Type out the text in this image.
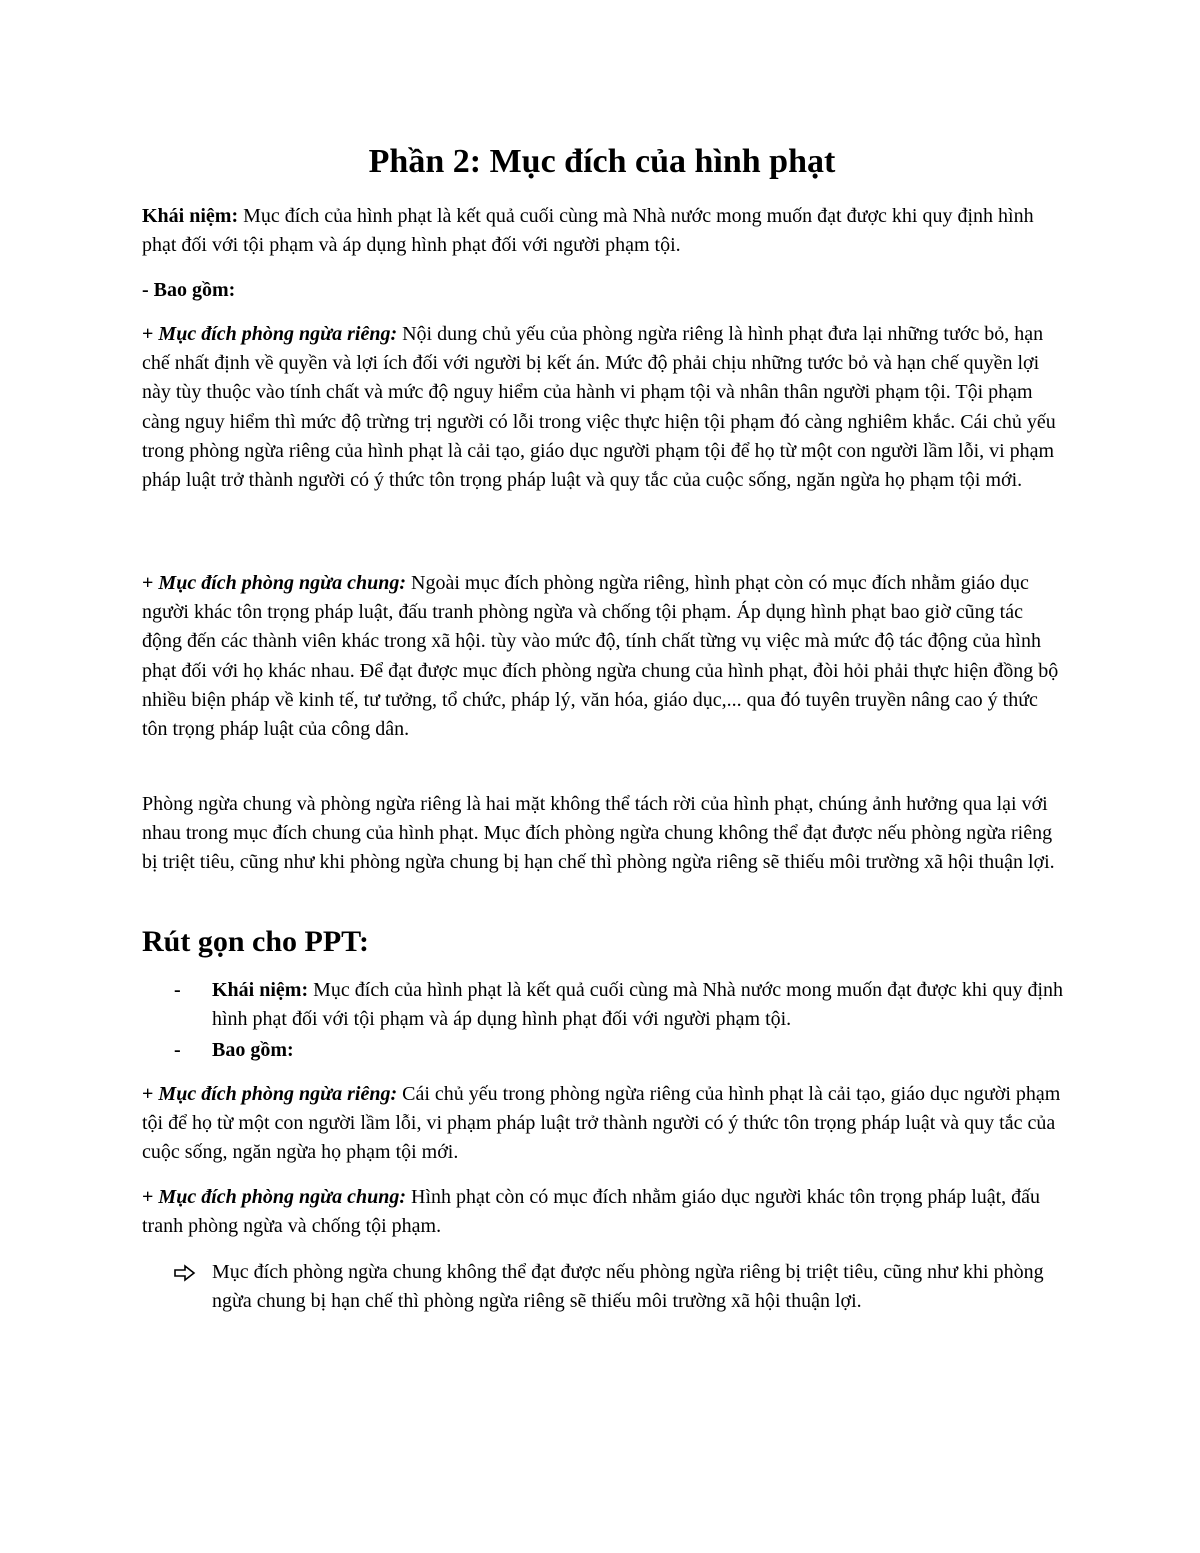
Phần 2: Mục đích của hình phạt

Khái niệm: Mục đích của hình phạt là kết quả cuối cùng mà Nhà nước mong muốn đạt được khi quy định hình phạt đối với tội phạm và áp dụng hình phạt đối với người phạm tội.

- Bao gồm:

+ Mục đích phòng ngừa riêng: Nội dung chủ yếu của phòng ngừa riêng là hình phạt đưa lại những tước bỏ, hạn chế nhất định về quyền và lợi ích đối với người bị kết án. Mức độ phải chịu những tước bỏ và hạn chế quyền lợi này tùy thuộc vào tính chất và mức độ nguy hiểm của hành vi phạm tội và nhân thân người phạm tội. Tội phạm càng nguy hiểm thì mức độ trừng trị người có lỗi trong việc thực hiện tội phạm đó càng nghiêm khắc. Cái chủ yếu trong phòng ngừa riêng của hình phạt là cải tạo, giáo dục người phạm tội để họ từ một con người lầm lỗi, vi phạm pháp luật trở thành người có ý thức tôn trọng pháp luật và quy tắc của cuộc sống, ngăn ngừa họ phạm tội mới.

+ Mục đích phòng ngừa chung: Ngoài mục đích phòng ngừa riêng, hình phạt còn có mục đích nhằm giáo dục người khác tôn trọng pháp luật, đấu tranh phòng ngừa và chống tội phạm. Áp dụng hình phạt bao giờ cũng tác động đến các thành viên khác trong xã hội. tùy vào mức độ, tính chất từng vụ việc mà mức độ tác động của hình phạt đối với họ khác nhau. Để đạt được mục đích phòng ngừa chung của hình phạt, đòi hỏi phải thực hiện đồng bộ nhiều biện pháp về kinh tế, tư tưởng, tổ chức, pháp lý, văn hóa, giáo dục,... qua đó tuyên truyền nâng cao ý thức tôn trọng pháp luật của công dân.

Phòng ngừa chung và phòng ngừa riêng là hai mặt không thể tách rời của hình phạt, chúng ảnh hưởng qua lại với nhau trong mục đích chung của hình phạt. Mục đích phòng ngừa chung không thể đạt được nếu phòng ngừa riêng bị triệt tiêu, cũng như khi phòng ngừa chung bị hạn chế thì phòng ngừa riêng sẽ thiếu môi trường xã hội thuận lợi.

Rút gọn cho PPT:
- Khái niệm: Mục đích của hình phạt là kết quả cuối cùng mà Nhà nước mong muốn đạt được khi quy định hình phạt đối với tội phạm và áp dụng hình phạt đối với người phạm tội.
- Bao gồm:

+ Mục đích phòng ngừa riêng: Cái chủ yếu trong phòng ngừa riêng của hình phạt là cải tạo, giáo dục người phạm tội để họ từ một con người lầm lỗi, vi phạm pháp luật trở thành người có ý thức tôn trọng pháp luật và quy tắc của cuộc sống, ngăn ngừa họ phạm tội mới.

+ Mục đích phòng ngừa chung: Hình phạt còn có mục đích nhằm giáo dục người khác tôn trọng pháp luật, đấu tranh phòng ngừa và chống tội phạm.

Mục đích phòng ngừa chung không thể đạt được nếu phòng ngừa riêng bị triệt tiêu, cũng như khi phòng ngừa chung bị hạn chế thì phòng ngừa riêng sẽ thiếu môi trường xã hội thuận lợi.
